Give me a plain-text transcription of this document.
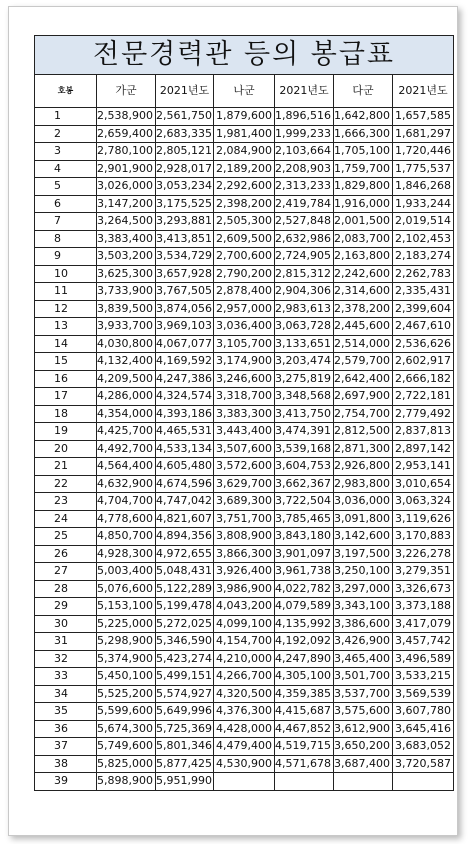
전문경력관 등의 봉급표						
호봉	가군	2021년도	나군	2021년도	다군	2021년도
1	2,538,900	2,561,750	1,879,600	1,896,516	1,642,800	1,657,585
2	2,659,400	2,683,335	1,981,400	1,999,233	1,666,300	1,681,297
3	2,780,100	2,805,121	2,084,900	2,103,664	1,705,100	1,720,446
4	2,901,900	2,928,017	2,189,200	2,208,903	1,759,700	1,775,537
5	3,026,000	3,053,234	2,292,600	2,313,233	1,829,800	1,846,268
6	3,147,200	3,175,525	2,398,200	2,419,784	1,916,000	1,933,244
7	3,264,500	3,293,881	2,505,300	2,527,848	2,001,500	2,019,514
8	3,383,400	3,413,851	2,609,500	2,632,986	2,083,700	2,102,453
9	3,503,200	3,534,729	2,700,600	2,724,905	2,163,800	2,183,274
10	3,625,300	3,657,928	2,790,200	2,815,312	2,242,600	2,262,783
11	3,733,900	3,767,505	2,878,400	2,904,306	2,314,600	2,335,431
12	3,839,500	3,874,056	2,957,000	2,983,613	2,378,200	2,399,604
13	3,933,700	3,969,103	3,036,400	3,063,728	2,445,600	2,467,610
14	4,030,800	4,067,077	3,105,700	3,133,651	2,514,000	2,536,626
15	4,132,400	4,169,592	3,174,900	3,203,474	2,579,700	2,602,917
16	4,209,500	4,247,386	3,246,600	3,275,819	2,642,400	2,666,182
17	4,286,000	4,324,574	3,318,700	3,348,568	2,697,900	2,722,181
18	4,354,000	4,393,186	3,383,300	3,413,750	2,754,700	2,779,492
19	4,425,700	4,465,531	3,443,400	3,474,391	2,812,500	2,837,813
20	4,492,700	4,533,134	3,507,600	3,539,168	2,871,300	2,897,142
21	4,564,400	4,605,480	3,572,600	3,604,753	2,926,800	2,953,141
22	4,632,900	4,674,596	3,629,700	3,662,367	2,983,800	3,010,654
23	4,704,700	4,747,042	3,689,300	3,722,504	3,036,000	3,063,324
24	4,778,600	4,821,607	3,751,700	3,785,465	3,091,800	3,119,626
25	4,850,700	4,894,356	3,808,900	3,843,180	3,142,600	3,170,883
26	4,928,300	4,972,655	3,866,300	3,901,097	3,197,500	3,226,278
27	5,003,400	5,048,431	3,926,400	3,961,738	3,250,100	3,279,351
28	5,076,600	5,122,289	3,986,900	4,022,782	3,297,000	3,326,673
29	5,153,100	5,199,478	4,043,200	4,079,589	3,343,100	3,373,188
30	5,225,000	5,272,025	4,099,100	4,135,992	3,386,600	3,417,079
31	5,298,900	5,346,590	4,154,700	4,192,092	3,426,900	3,457,742
32	5,374,900	5,423,274	4,210,000	4,247,890	3,465,400	3,496,589
33	5,450,100	5,499,151	4,266,700	4,305,100	3,501,700	3,533,215
34	5,525,200	5,574,927	4,320,500	4,359,385	3,537,700	3,569,539
35	5,599,600	5,649,996	4,376,300	4,415,687	3,575,600	3,607,780
36	5,674,300	5,725,369	4,428,000	4,467,852	3,612,900	3,645,416
37	5,749,600	5,801,346	4,479,400	4,519,715	3,650,200	3,683,052
38	5,825,000	5,877,425	4,530,900	4,571,678	3,687,400	3,720,587
39	5,898,900	5,951,990				
